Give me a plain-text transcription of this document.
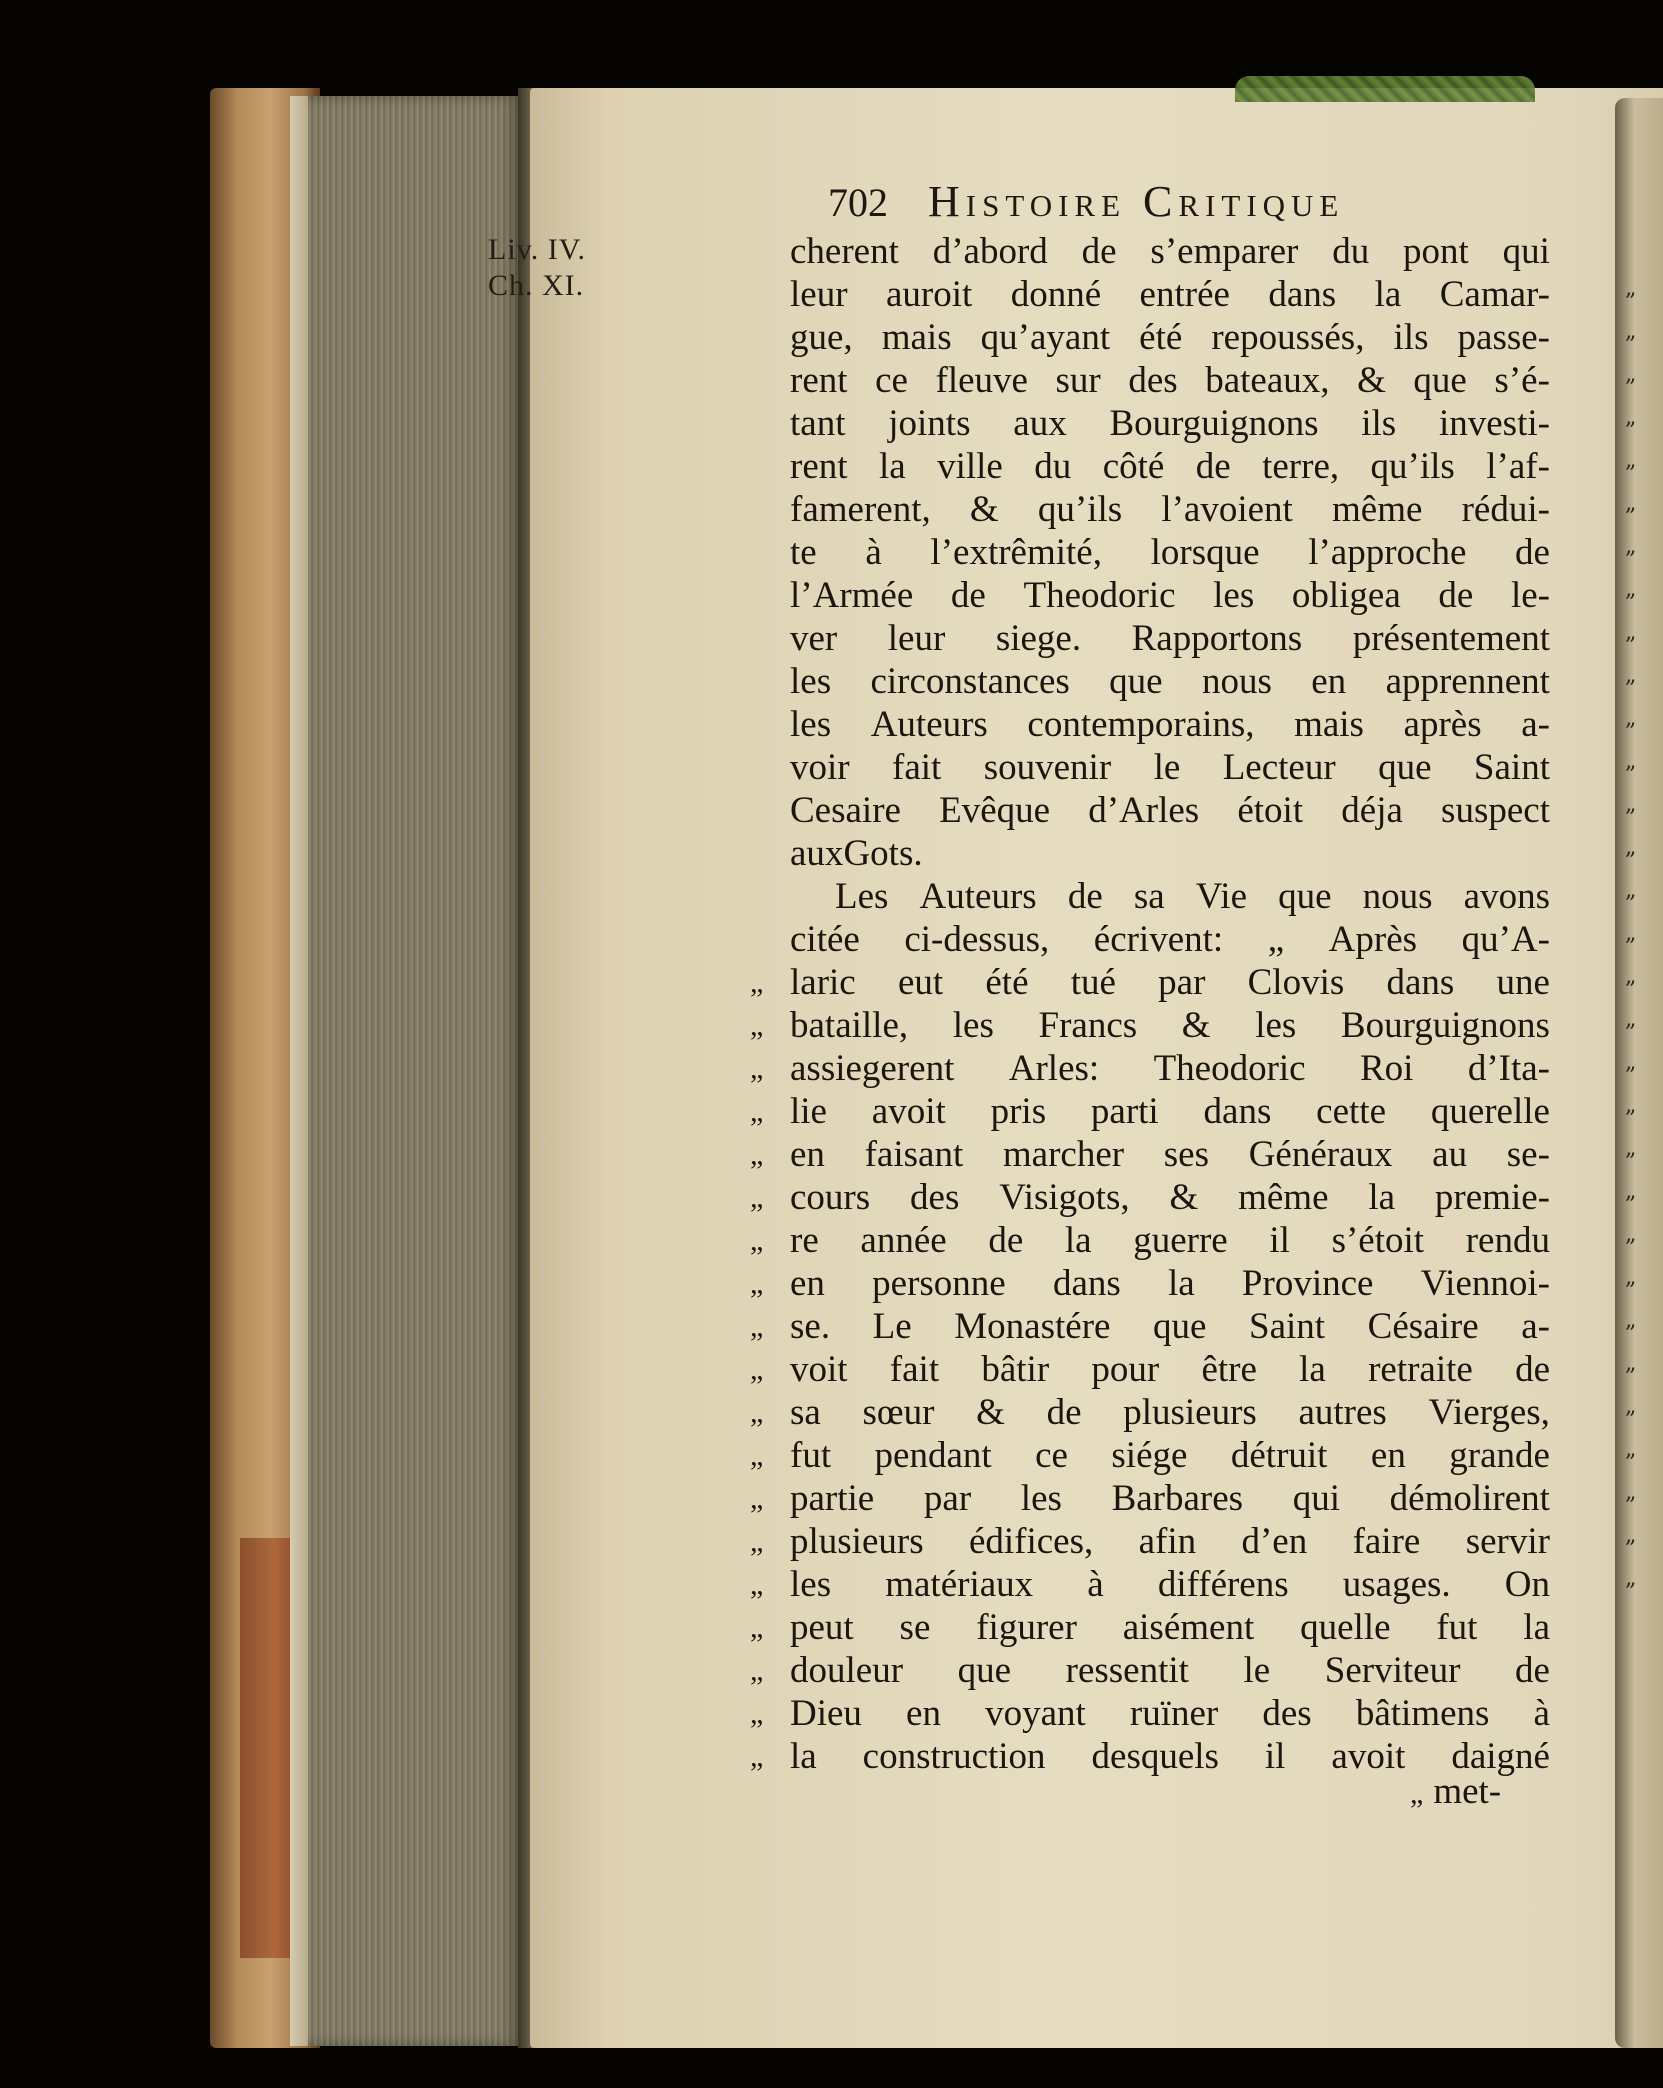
„
„
„
„
„
„
„
„
„
„
„
„
„
„
„
„
„
„
„
„
„
„
„
„
„
„
„
„
„
„
„
Liv. IV.
Ch. XI.
702 Histoire Critique
cherent d’abord de s’emparer du pont qui
leur auroit donné entrée dans la Camar-
gue, mais qu’ayant été repoussés, ils passe-
rent ce fleuve sur des bateaux, & que s’é-
tant joints aux Bourguignons ils investi-
rent la ville du côté de terre, qu’ils l’af-
famerent, & qu’ils l’avoient même rédui-
te à l’extrêmité, lorsque l’approche de
l’Armée de Theodoric les obligea de le-
ver leur siege. Rapportons présentement
les circonstances que nous en apprennent
les Auteurs contemporains, mais après a-
voir fait souvenir le Lecteur que Saint
Cesaire Evêque d’Arles étoit déja suspect
aux Gots.
Les Auteurs de sa Vie que nous avons
citée ci-dessus, écrivent: „ Après qu’A-
„ laric eut été tué par Clovis dans une
„ bataille, les Francs & les Bourguignons
„ assiegerent Arles: Theodoric Roi d’Ita-
„ lie avoit pris parti dans cette querelle
„ en faisant marcher ses Généraux au se-
„ cours des Visigots, & même la premie-
„ re année de la guerre il s’étoit rendu
„ en personne dans la Province Viennoi-
„ se. Le Monastére que Saint Césaire a-
„ voit fait bâtir pour être la retraite de
„ sa sœur & de plusieurs autres Vierges,
„ fut pendant ce siége détruit en grande
„ partie par les Barbares qui démolirent
„ plusieurs édifices, afin d’en faire servir
„ les matériaux à différens usages. On
„ peut se figurer aisément quelle fut la
„ douleur que ressentit le Serviteur de
„ Dieu en voyant ruïner des bâtimens à
„ la construction desquels il avoit daigné
„ met-
